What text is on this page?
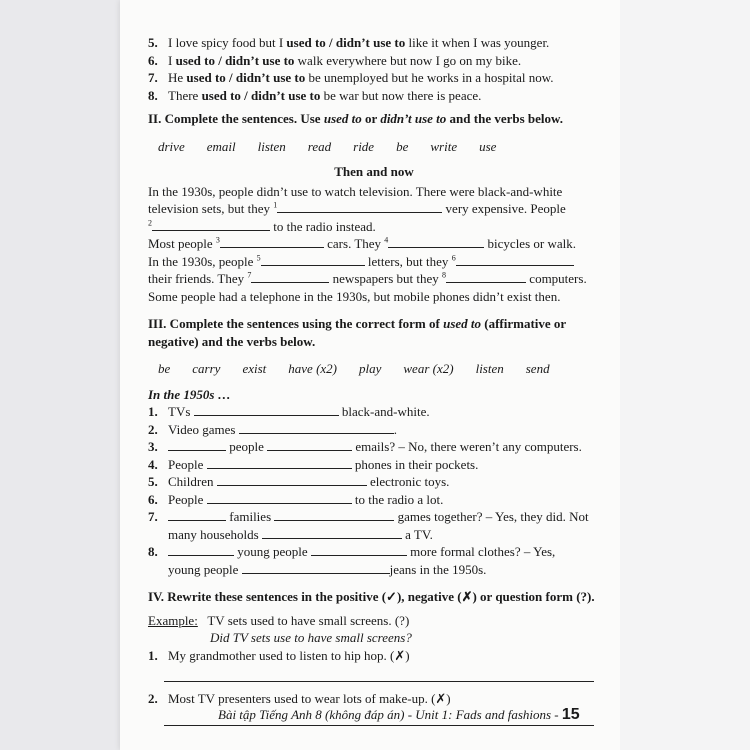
5. I love spicy food but I used to / didn’t use to like it when I was younger.
6. I used to / didn’t use to walk everywhere but now I go on my bike.
7. He used to / didn’t use to be unemployed but he works in a hospital now.
8. There used to / didn’t use to be war but now there is peace.
II. Complete the sentences. Use used to or didn’t use to and the verbs below.
drive email listen read ride be write use
Then and now
In the 1930s, people didn’t use to watch television. There were black-and-white
television sets, but they $^1$	very expensive. People
$^2$	to the radio instead.
Most people $^3$	cars. They $^4$	bicycles or walk.
In the 1930s, people $^5$	letters, but they $^6$
their friends. They $^7$	newspapers but they $^8$	computers.
Some people had a telephone in the 1930s, but mobile phones didn’t exist then.
III. Complete the sentences using the correct form of used to (affirmative or
negative) and the verbs below.
be carry exist have (x2) play wear (x2) listen send
In the 1950s …
1. TVs	black-and-white.
2. Video games	.
3.	people	emails? – No, there weren’t any computers.
4. People	phones in their pockets.
5. Children	electronic toys.
6. People	to the radio a lot.
7.	families	games together? – Yes, they did. Not
many households	a TV.
8.	young people	more formal clothes? – Yes,
young people	jeans in the 1950s.
IV. Rewrite these sentences in the positive (✓), negative (✗) or question form (?).
Example: TV sets used to have small screens. (?)
Did TV sets use to have small screens?
1. My grandmother used to listen to hip hop. (✗)
2. Most TV presenters used to wear lots of make-up. (✗)
Bài tập Tiếng Anh 8 (không đáp án) - Unit 1: Fads and fashions - 15
